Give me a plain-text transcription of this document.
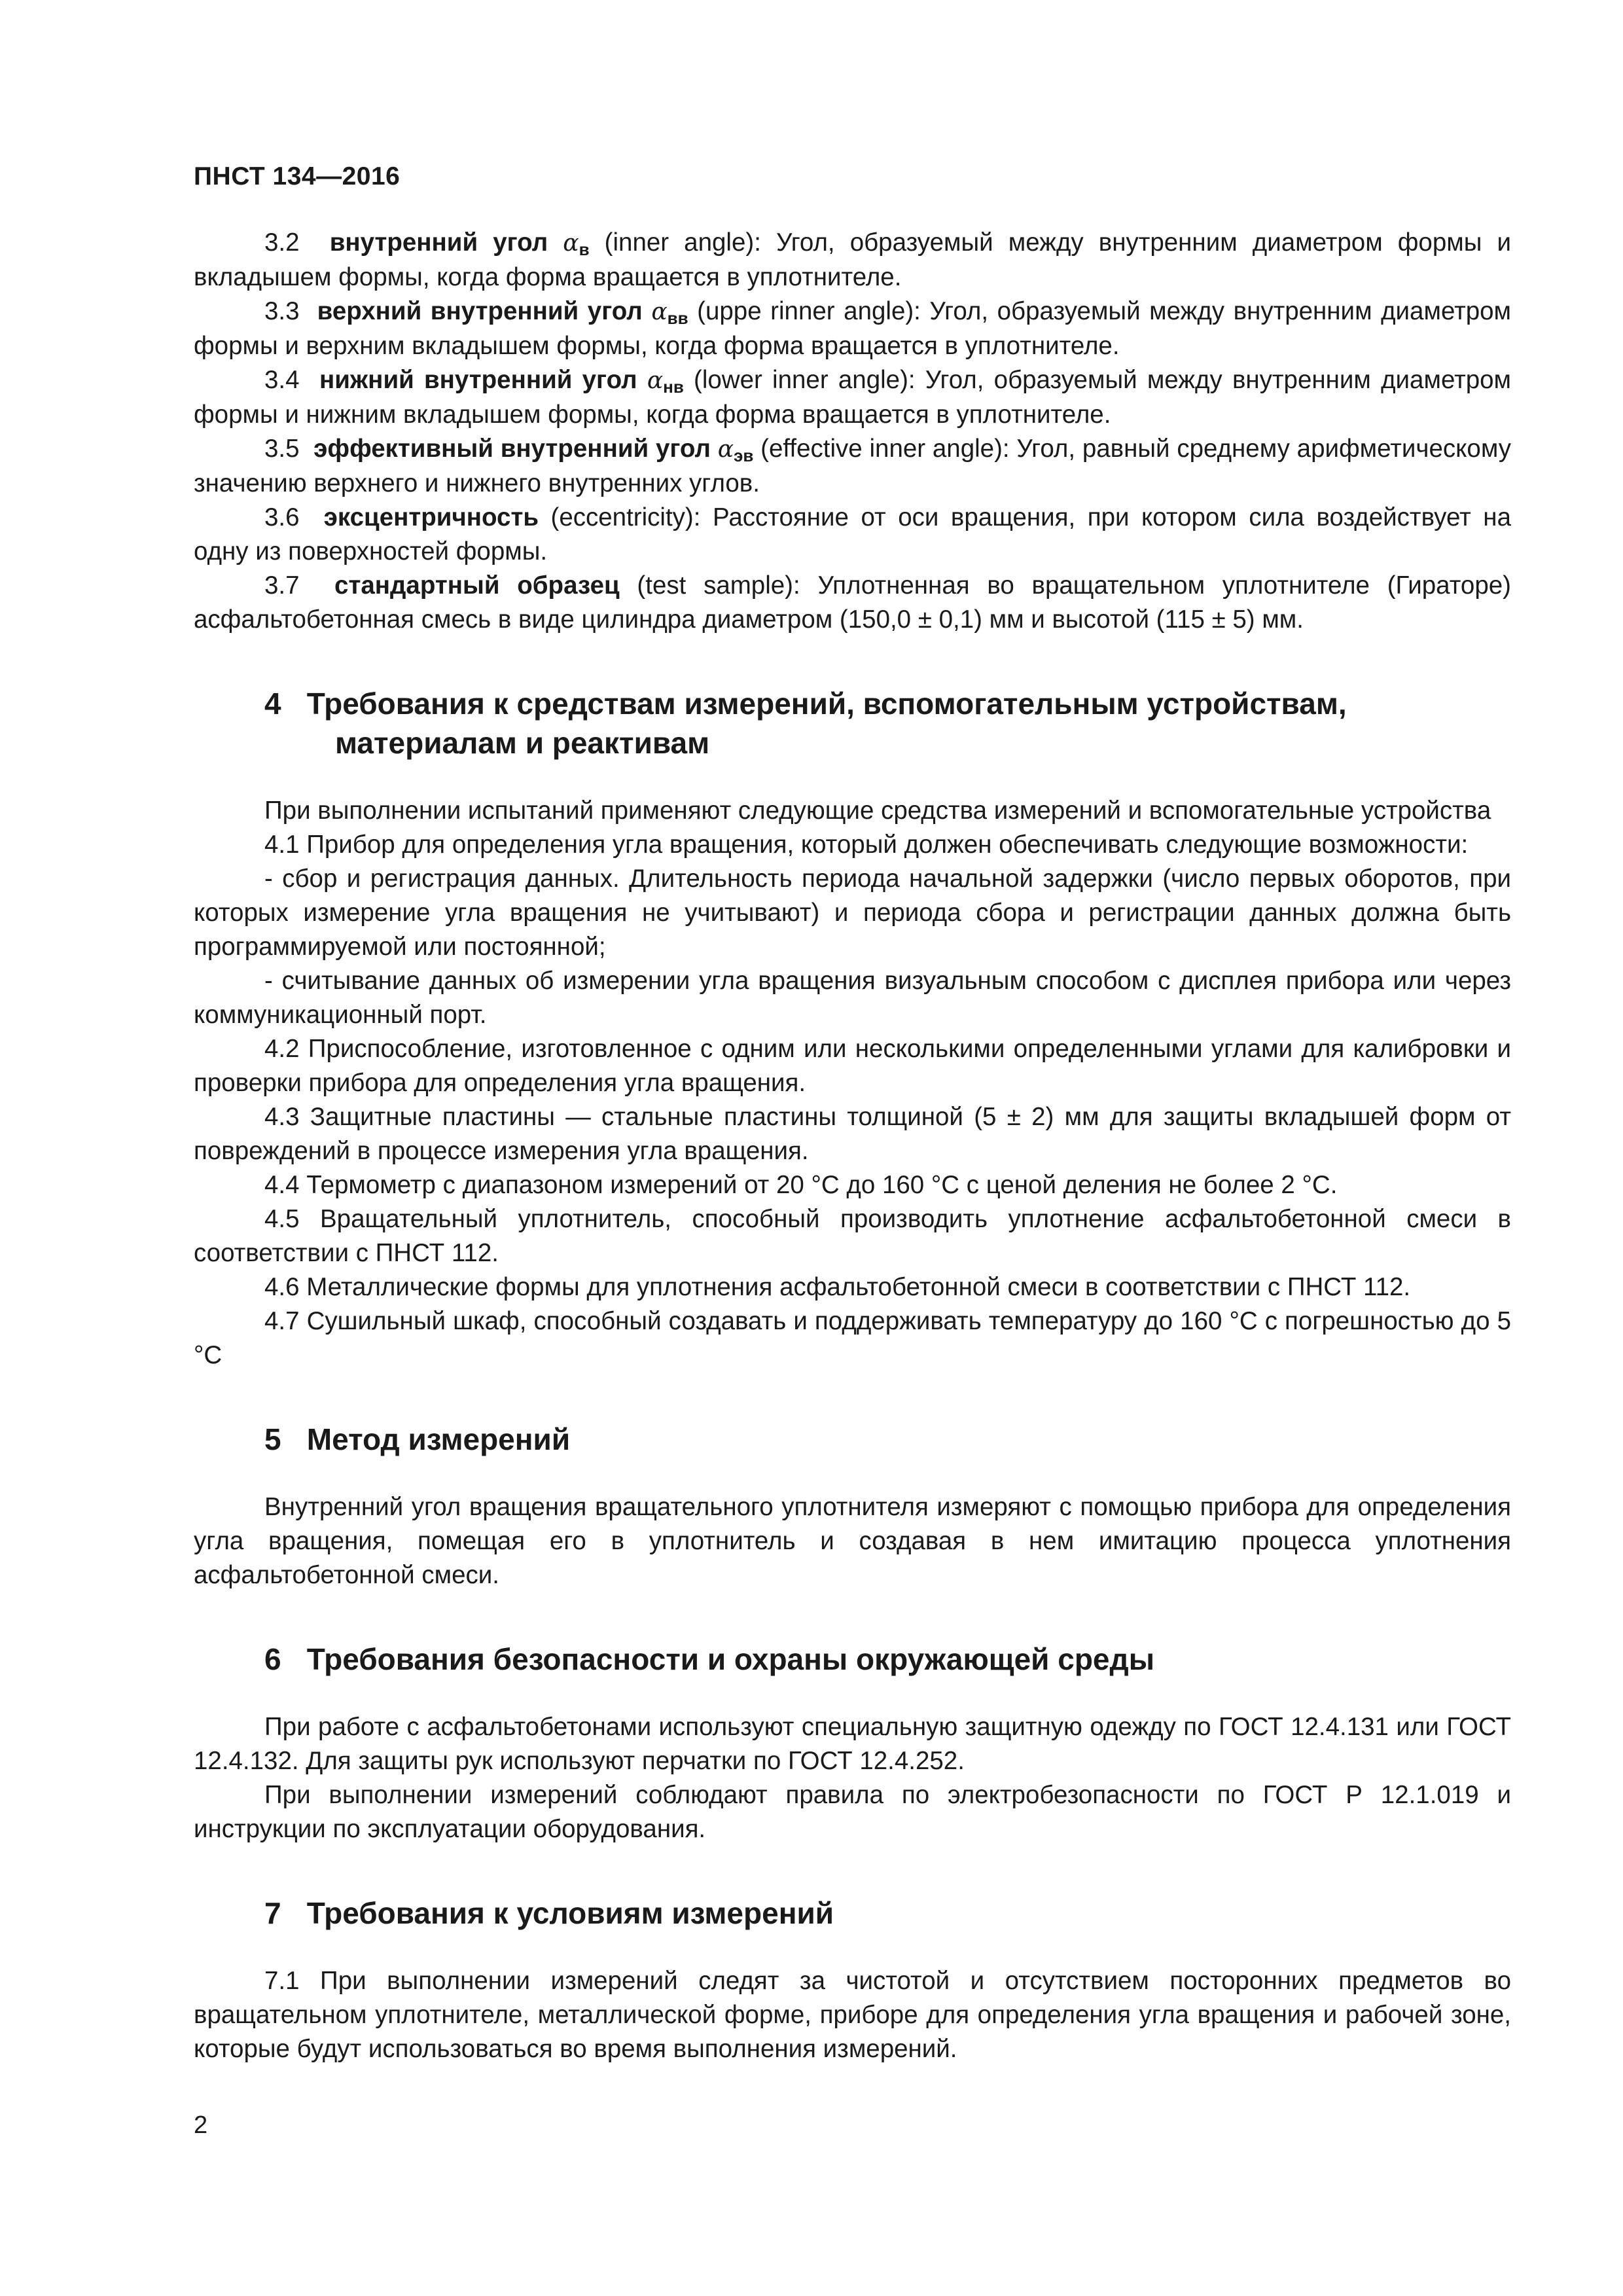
ПНСТ 134—2016

3.2 внутренний угол $\alpha_в$ (inner angle): Угол, образуемый между внутренним диаметром формы и вкладышем формы, когда форма вращается в уплотнителе.

3.3 верхний внутренний угол $\alpha_{вв}$ (uppe rinner angle): Угол, образуемый между внутренним диаметром формы и верхним вкладышем формы, когда форма вращается в уплотнителе.

3.4 нижний внутренний угол $\alpha_{нв}$ (lower inner angle): Угол, образуемый между внутренним диаметром формы и нижним вкладышем формы, когда форма вращается в уплотнителе.

3.5 эффективный внутренний угол $\alpha_{эв}$ (effective inner angle): Угол, равный среднему арифметическому значению верхнего и нижнего внутренних углов.

3.6 эксцентричность (eccentricity): Расстояние от оси вращения, при котором сила воздействует на одну из поверхностей формы.

3.7 стандартный образец (test sample): Уплотненная во вращательном уплотнителе (Гираторе) асфальтобетонная смесь в виде цилиндра диаметром (150,0 ± 0,1) мм и высотой (115 ± 5) мм.

4 Требования к средствам измерений, вспомогательным устройствам, материалам и реактивам

При выполнении испытаний применяют следующие средства измерений и вспомогательные устройства

4.1 Прибор для определения угла вращения, который должен обеспечивать следующие возможности:

- сбор и регистрация данных. Длительность периода начальной задержки (число первых оборотов, при которых измерение угла вращения не учитывают) и периода сбора и регистрации данных должна быть программируемой или постоянной;

- считывание данных об измерении угла вращения визуальным способом с дисплея прибора или через коммуникационный порт.

4.2 Приспособление, изготовленное с одним или несколькими определенными углами для калибровки и проверки прибора для определения угла вращения.

4.3 Защитные пластины — стальные пластины толщиной (5 ± 2) мм для защиты вкладышей форм от повреждений в процессе измерения угла вращения.

4.4 Термометр с диапазоном измерений от 20 °С до 160 °С с ценой деления не более 2 °С.

4.5 Вращательный уплотнитель, способный производить уплотнение асфальтобетонной смеси в соответствии с ПНСТ 112.

4.6 Металлические формы для уплотнения асфальтобетонной смеси в соответствии с ПНСТ 112.

4.7 Сушильный шкаф, способный создавать и поддерживать температуру до 160 °С с погрешностью до 5 °С

5 Метод измерений

Внутренний угол вращения вращательного уплотнителя измеряют с помощью прибора для определения угла вращения, помещая его в уплотнитель и создавая в нем имитацию процесса уплотнения асфальтобетонной смеси.

6 Требования безопасности и охраны окружающей среды

При работе с асфальтобетонами используют специальную защитную одежду по ГОСТ 12.4.131 или ГОСТ 12.4.132. Для защиты рук используют перчатки по ГОСТ 12.4.252.

При выполнении измерений соблюдают правила по электробезопасности по ГОСТ Р 12.1.019 и инструкции по эксплуатации оборудования.

7 Требования к условиям измерений

7.1 При выполнении измерений следят за чистотой и отсутствием посторонних предметов во вращательном уплотнителе, металлической форме, приборе для определения угла вращения и рабочей зоне, которые будут использоваться во время выполнения измерений.

2
